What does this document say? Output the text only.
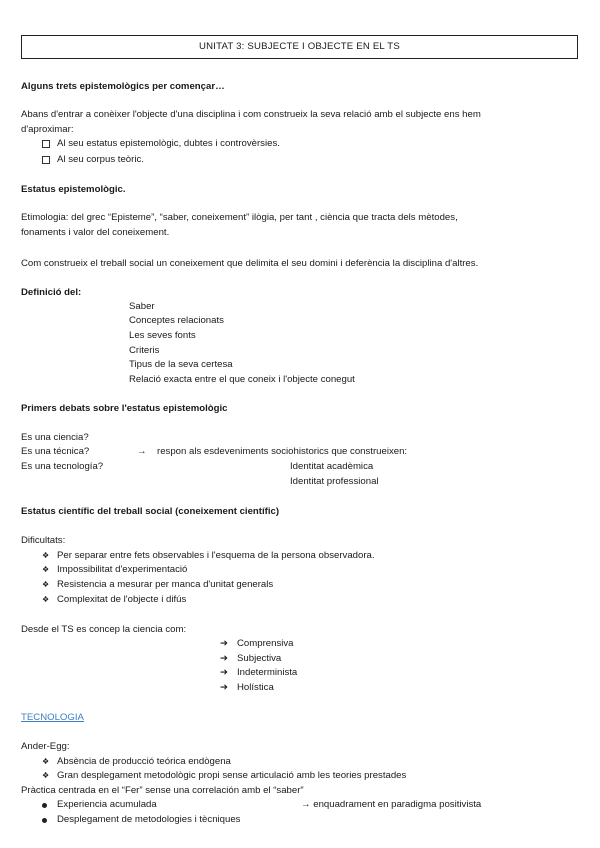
UNITAT 3: SUBJECTE I OBJECTE EN EL TS
Alguns trets epistemològics per començar…
Abans d'entrar a conèixer l'objecte d'una disciplina i com construeix la seva relació amb el subjecte ens hem
d'aproximar:
Al seu estatus epistemològic, dubtes i controvèrsies.
Al seu corpus teòric.
Estatus epistemològic.
Etimologia: del grec “Episteme”, “saber, coneixement” ilògia, per tant , ciència que tracta dels mètodes,
fonaments i valor del coneixement.
Com construeix el treball social un coneixement que delimita el seu domini i deferència la disciplina d'altres.
Definició del:
Saber
Conceptes relacionats
Les seves fonts
Criteris
Tipus de la seva certesa
Relació exacta entre el que coneix i l'objecte conegut
Primers debats sobre l'estatus epistemològic
Es una ciencia?
Es una técnica?	→ respon als esdeveniments sociohistorics que construeixen:
Es una tecnología?	Identitat acadèmica
Identitat professional
Estatus científic del treball social (coneixement científic)
Dificultats:
❖ Per separar entre fets observables i l'esquema de la persona observadora.
❖ Impossibilitat d'experimentació
❖ Resistencia a mesurar per manca d'unitat generals
❖ Complexitat de l'objecte i difús
Desde el TS es concep la ciencia com:
➔ Comprensiva
➔ Subjectiva
➔ Indeterminista
➔ Holística
TECNOLOGIA
Ander-Egg:
❖ Absència de producció teórica endògena
❖ Gran desplegament metodològic propi sense articulació amb les teories prestades
Pràctica centrada en el “Fer” sense una correlación amb el “saber”
Experiencia acumulada	→ enquadrament en paradigma positivista
Desplegament de metodologies i tècniques
